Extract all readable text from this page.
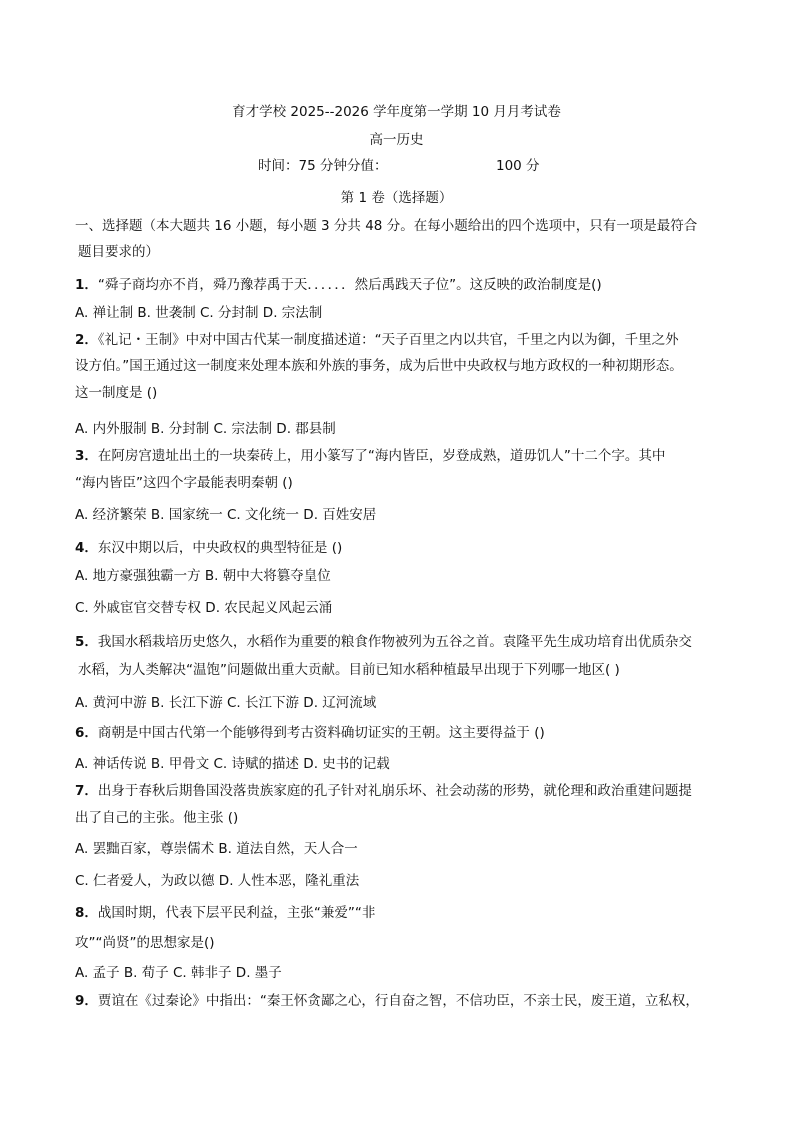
育才学校 2025--2026 学年度第一学期 10 月月考试卷
高一历史
时间：75 分钟分值：	100 分
第 1 卷（选择题）
一、选择题（本大题共 16 小题，每小题 3 分共 48 分。在每小题给出的四个选项中，只有一项是最符合
题目要求的）
1．“舜子商均亦不肖，舜乃豫荐禹于天．．．．．．然后禹践天子位”。这反映的政治制度是()
A. 禅让制 B. 世袭制 C. 分封制 D. 宗法制
2．《礼记・王制》中对中国古代某一制度描述道：“天子百里之内以共官，千里之内以为御，千里之外
设方伯。”国王通过这一制度来处理本族和外族的事务，成为后世中央政权与地方政权的一种初期形态。
这一制度是 ()
A. 内外服制 B. 分封制 C. 宗法制 D. 郡县制
3．在阿房宫遗址出土的一块秦砖上，用小篆写了“海内皆臣，岁登成熟，道毋饥人”十二个字。其中
“海内皆臣”这四个字最能表明秦朝 ()
A. 经济繁荣 B. 国家统一 C. 文化统一 D. 百姓安居
4．东汉中期以后，中央政权的典型特征是 ()
A. 地方豪强独霸一方 B. 朝中大将篡夺皇位
C. 外戚宦官交替专权 D. 农民起义风起云涌
5．我国水稻栽培历史悠久，水稻作为重要的粮食作物被列为五谷之首。袁隆平先生成功培育出优质杂交
水稻，为人类解决“温饱”问题做出重大贡献。目前已知水稻种植最早出现于下列哪一地区( )
A. 黄河中游 B. 长江下游 C. 长江下游 D. 辽河流域
6．商朝是中国古代第一个能够得到考古资料确切证实的王朝。这主要得益于 ()
A. 神话传说 B. 甲骨文 C. 诗赋的描述 D. 史书的记载
7．出身于春秋后期鲁国没落贵族家庭的孔子针对礼崩乐坏、社会动荡的形势，就伦理和政治重建问题提
出了自己的主张。他主张 ()
A. 罢黜百家，尊崇儒术 B. 道法自然，天人合一
C. 仁者爱人，为政以德 D. 人性本恶，隆礼重法
8．战国时期，代表下层平民利益，主张“兼爱”“非
攻”“尚贤”的思想家是()
A. 孟子 B. 荀子 C. 韩非子 D. 墨子
9．贾谊在《过秦论》中指出：“秦王怀贪鄙之心，行自奋之智，不信功臣，不亲士民，废王道，立私权，
